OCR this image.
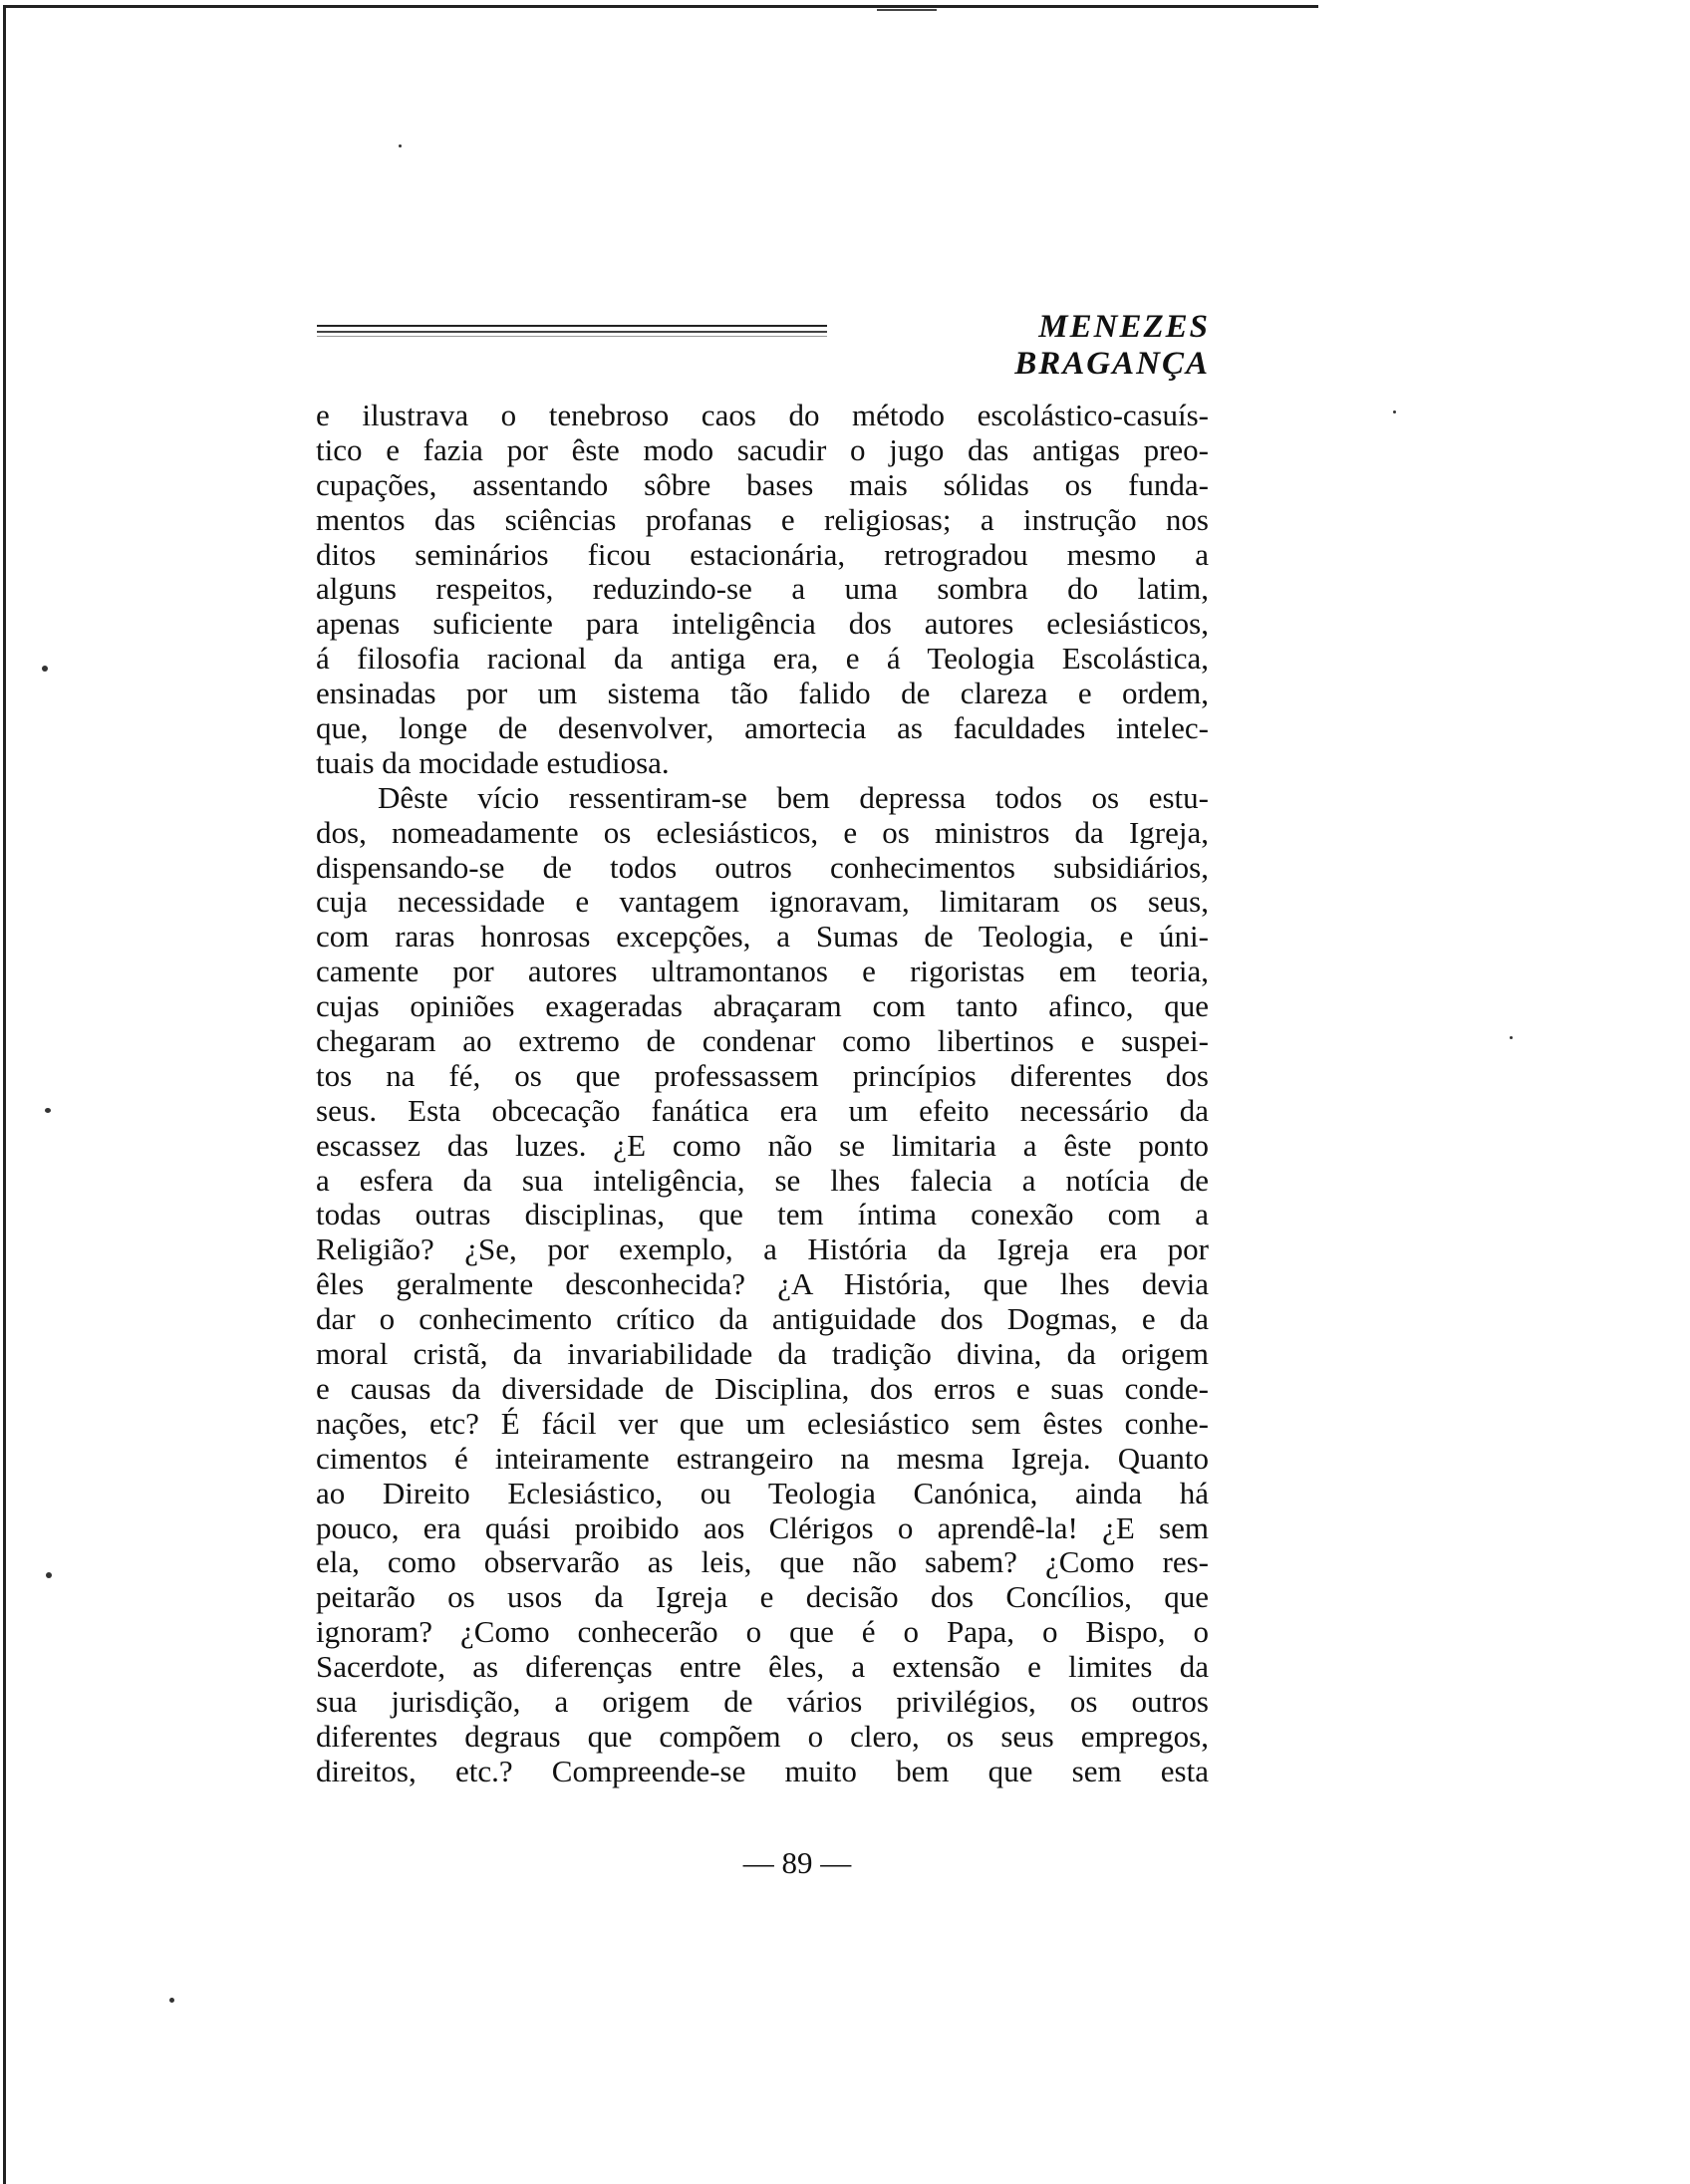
MENEZES BRAGANÇA
e ilustrava o tenebroso caos do método escolástico-casuís-
tico e fazia por êste modo sacudir o jugo das antigas preo-
cupações, assentando sôbre bases mais sólidas os funda-
mentos das sciências profanas e religiosas; a instrução nos
ditos seminários ficou estacionária, retrogradou mesmo a
alguns respeitos, reduzindo-se a uma sombra do latim,
apenas suficiente para inteligência dos autores eclesiásticos,
á filosofia racional da antiga era, e á Teologia Escolástica,
ensinadas por um sistema tão falido de clareza e ordem,
que, longe de desenvolver, amortecia as faculdades intelec-
tuais da mocidade estudiosa.
Dêste vício ressentiram-se bem depressa todos os estu-
dos, nomeadamente os eclesiásticos, e os ministros da Igreja,
dispensando-se de todos outros conhecimentos subsidiários,
cuja necessidade e vantagem ignoravam, limitaram os seus,
com raras honrosas excepções, a Sumas de Teologia, e úni-
camente por autores ultramontanos e rigoristas em teoria,
cujas opiniões exageradas abraçaram com tanto afinco, que
chegaram ao extremo de condenar como libertinos e suspei-
tos na fé, os que professassem princípios diferentes dos
seus. Esta obcecação fanática era um efeito necessário da
escassez das luzes. ¿E como não se limitaria a êste ponto
a esfera da sua inteligência, se lhes falecia a notícia de
todas outras disciplinas, que tem íntima conexão com a
Religião? ¿Se, por exemplo, a História da Igreja era por
êles geralmente desconhecida? ¿A História, que lhes devia
dar o conhecimento crítico da antiguidade dos Dogmas, e da
moral cristã, da invariabilidade da tradição divina, da origem
e causas da diversidade de Disciplina, dos erros e suas conde-
nações, etc? É fácil ver que um eclesiástico sem êstes conhe-
cimentos é inteiramente estrangeiro na mesma Igreja. Quanto
ao Direito Eclesiástico, ou Teologia Canónica, ainda há
pouco, era quási proibido aos Clérigos o aprendê-la! ¿E sem
ela, como observarão as leis, que não sabem? ¿Como res-
peitarão os usos da Igreja e decisão dos Concílios, que
ignoram? ¿Como conhecerão o que é o Papa, o Bispo, o
Sacerdote, as diferenças entre êles, a extensão e limites da
sua jurisdição, a origem de vários privilégios, os outros
diferentes degraus que compõem o clero, os seus empregos,
direitos, etc.? Compreende-se muito bem que sem esta
— 89 —
